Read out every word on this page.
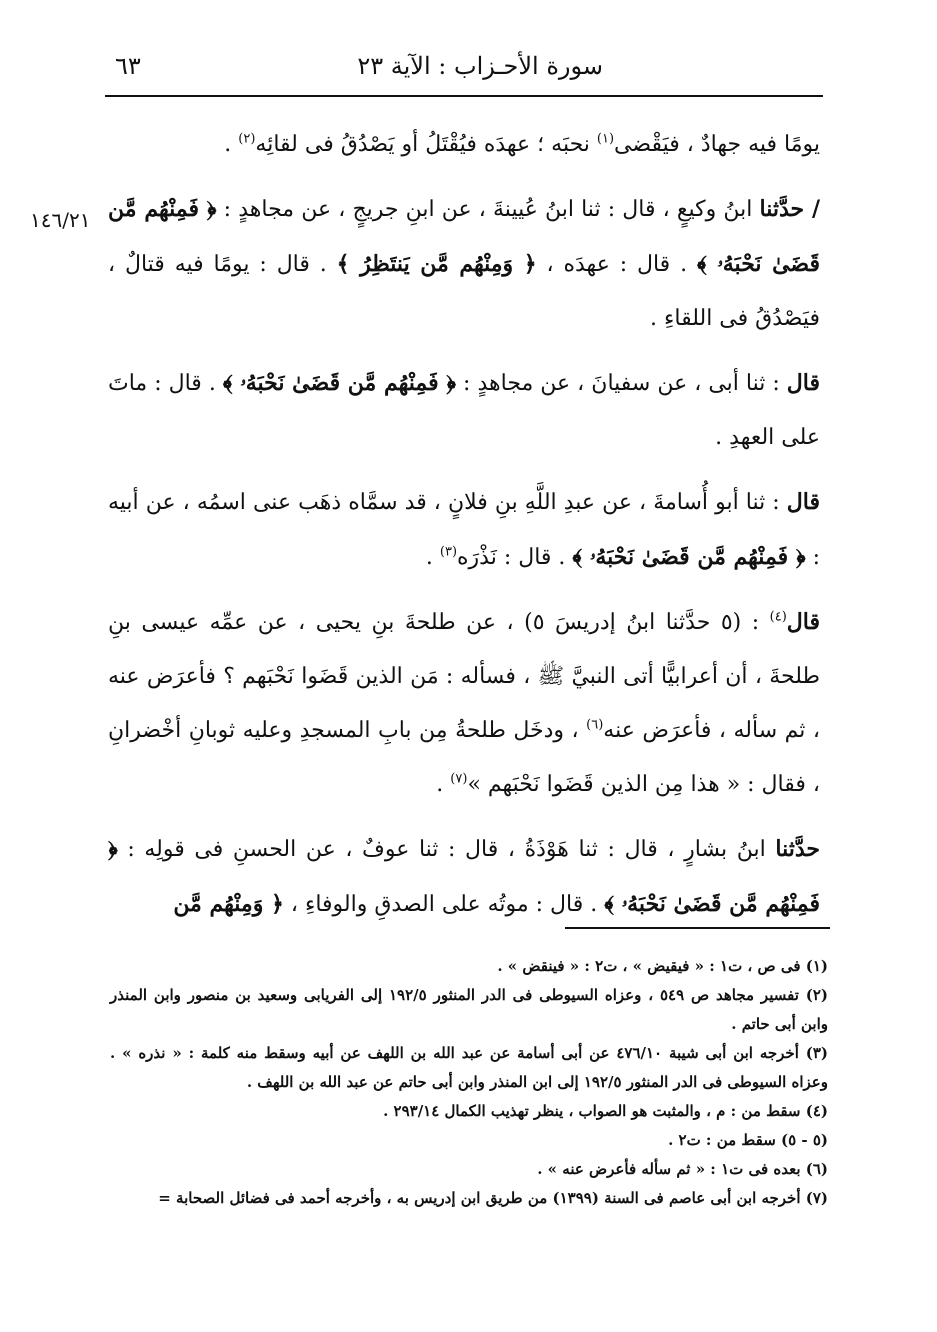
سورة الأحـزاب : الآية ٢٣
٦٣
١٤٦/٢١

يومًا فيه جهادٌ ، فيَقْضى$^{(١)}$ نحبَه ؛ عهدَه فيُقْتَلُ أو يَصْدُقُ فى لقائِه$^{(٢)}$ .

/ حدَّثنا ابنُ وكيعٍ ، قال : ثنا ابنُ عُيينةَ ، عن ابنِ جريجٍ ، عن مجاهدٍ : ﴿ فَمِنْهُم مَّن قَضَىٰ نَحْبَهُۥ ﴾ . قال : عهدَه ، ﴿ وَمِنْهُم مَّن يَنتَظِرُ ﴾ . قال : يومًا فيه قتالٌ ، فيَصْدُقُ فى اللقاءِ .

قال : ثنا أبى ، عن سفيانَ ، عن مجاهدٍ : ﴿ فَمِنْهُم مَّن قَضَىٰ نَحْبَهُۥ ﴾ . قال : ماتَ على العهدِ .

قال : ثنا أبو أُسامةَ ، عن عبدِ اللَّهِ بنِ فلانٍ ، قد سمَّاه ذهَب عنى اسمُه ، عن أبيه : ﴿ فَمِنْهُم مَّن قَضَىٰ نَحْبَهُۥ ﴾ . قال : نَذْرَه$^{(٣)}$ .

قال$^{(٤)}$ : (٥ حدَّثنا ابنُ إدريسَ ٥) ، عن طلحةَ بنِ يحيى ، عن عمِّه عيسى بنِ طلحةَ ، أن أعرابيًّا أتى النبيَّ ﷺ ، فسأله : مَن الذين قَضَوا نَحْبَهم ؟ فأعرَض عنه ، ثم سأله ، فأعرَض عنه$^{(٦)}$ ، ودخَل طلحةُ مِن بابِ المسجدِ وعليه ثوبانِ أخْضرانِ ، فقال : « هذا مِن الذين قَضَوا نَحْبَهم »$^{(٧)}$ .

حدَّثنا ابنُ بشارٍ ، قال : ثنا هَوْذَةُ ، قال : ثنا عوفٌ ، عن الحسنِ فى قولِه : ﴿ فَمِنْهُم مَّن قَضَىٰ نَحْبَهُۥ ﴾ . قال : موتُه على الصدقِ والوفاءِ ، ﴿ وَمِنْهُم مَّن

(١) فى ص ، ت١ : « فيقيض » ، ت٢ : « فينقض » .

(٢) تفسير مجاهد ص ٥٤٩ ، وعزاه السيوطى فى الدر المنثور ١٩٢/٥ إلى الفريابى وسعيد بن منصور وابن المنذر وابن أبى حاتم .

(٣) أخرجه ابن أبى شيبة ٤٧٦/١٠ عن أبى أسامة عن عبد الله بن اللهف عن أبيه وسقط منه كلمة : « نذره » . وعزاه السيوطى فى الدر المنثور ١٩٢/٥ إلى ابن المنذر وابن أبى حاتم عن عبد الله بن اللهف .

(٤) سقط من : م ، والمثبت هو الصواب ، ينظر تهذيب الكمال ٢٩٣/١٤ .

(٥ - ٥) سقط من : ت٢ .

(٦) بعده فى ت١ : « ثم سأله فأعرض عنه » .

(٧) أخرجه ابن أبى عاصم فى السنة (١٣٩٩) من طريق ابن إدريس به ، وأخرجه أحمد فى فضائل الصحابة =
